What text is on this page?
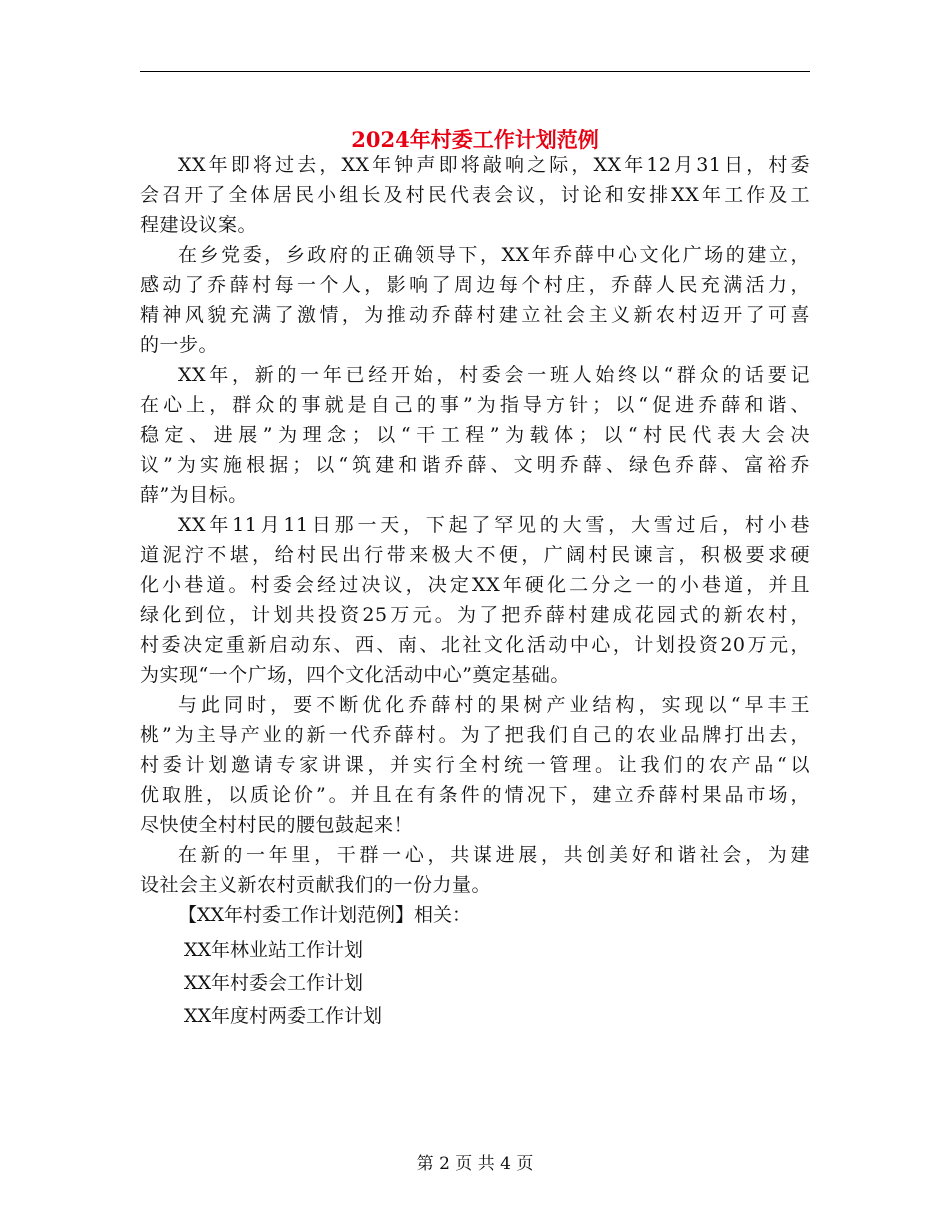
2024年村委工作计划范例

XX年即将过去，XX年钟声即将敲响之际，XX年12月31日，村委
会召开了全体居民小组长及村民代表会议，讨论和安排XX年工作及工
程建设议案。

在乡党委，乡政府的正确领导下，XX年乔薛中心文化广场的建立，
感动了乔薛村每一个人，影响了周边每个村庄，乔薛人民充满活力，
精神风貌充满了激情，为推动乔薛村建立社会主义新农村迈开了可喜
的一步。

XX年，新的一年已经开始，村委会一班人始终以“群众的话要记
在心上，群众的事就是自己的事”为指导方针；以“促进乔薛和谐、
稳定、进展”为理念；以“干工程”为载体；以“村民代表大会决
议”为实施根据；以“筑建和谐乔薛、文明乔薛、绿色乔薛、富裕乔
薛”为目标。

XX年11月11日那一天，下起了罕见的大雪，大雪过后，村小巷
道泥泞不堪，给村民出行带来极大不便，广阔村民谏言，积极要求硬
化小巷道。村委会经过决议，决定XX年硬化二分之一的小巷道，并且
绿化到位，计划共投资25万元。为了把乔薛村建成花园式的新农村，
村委决定重新启动东、西、南、北社文化活动中心，计划投资20万元，
为实现“一个广场，四个文化活动中心”奠定基础。

与此同时，要不断优化乔薛村的果树产业结构，实现以“早丰王
桃”为主导产业的新一代乔薛村。为了把我们自己的农业品牌打出去，
村委计划邀请专家讲课，并实行全村统一管理。让我们的农产品“以
优取胜，以质论价”。并且在有条件的情况下，建立乔薛村果品市场，
尽快使全村村民的腰包鼓起来！

在新的一年里，干群一心，共谋进展，共创美好和谐社会，为建
设社会主义新农村贡献我们的一份力量。

【XX年村委工作计划范例】相关：
XX年林业站工作计划
XX年村委会工作计划
XX年度村两委工作计划
第 2 页 共 4 页
